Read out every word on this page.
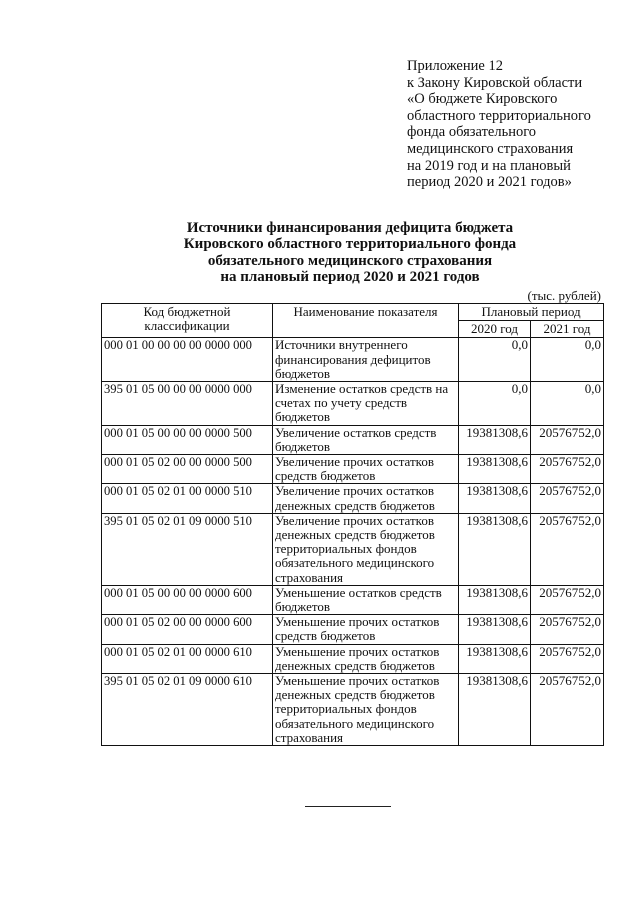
Приложение 12
к Закону Кировской области
«О бюджете Кировского
областного территориального
фонда обязательного
медицинского страхования
на 2019 год и на плановый
период 2020 и 2021 годов»
Источники финансирования дефицита бюджета
Кировского областного территориального фонда
обязательного медицинского страхования
на плановый период 2020 и 2021 годов
(тыс. рублей)
Код бюджетной классификации	Наименование показателя	Плановый период	
		2020 год	2021 год
000 01 00 00 00 00 0000 000	Источники внутреннего финансирования дефицитов бюджетов	0,0	0,0
395 01 05 00 00 00 0000 000	Изменение остатков средств на счетах по учету средств бюджетов	0,0	0,0
000 01 05 00 00 00 0000 500	Увеличение остатков средств бюджетов	19381308,6	20576752,0
000 01 05 02 00 00 0000 500	Увеличение прочих остатков средств бюджетов	19381308,6	20576752,0
000 01 05 02 01 00 0000 510	Увеличение прочих остатков денежных средств бюджетов	19381308,6	20576752,0
395 01 05 02 01 09 0000 510	Увеличение прочих остатков денежных средств бюджетов территориальных фондов обязательного медицинского страхования	19381308,6	20576752,0
000 01 05 00 00 00 0000 600	Уменьшение остатков средств бюджетов	19381308,6	20576752,0
000 01 05 02 00 00 0000 600	Уменьшение прочих остатков средств бюджетов	19381308,6	20576752,0
000 01 05 02 01 00 0000 610	Уменьшение прочих остатков денежных средств бюджетов	19381308,6	20576752,0
395 01 05 02 01 09 0000 610	Уменьшение прочих остатков денежных средств бюджетов территориальных фондов обязательного медицинского страхования	19381308,6	20576752,0
